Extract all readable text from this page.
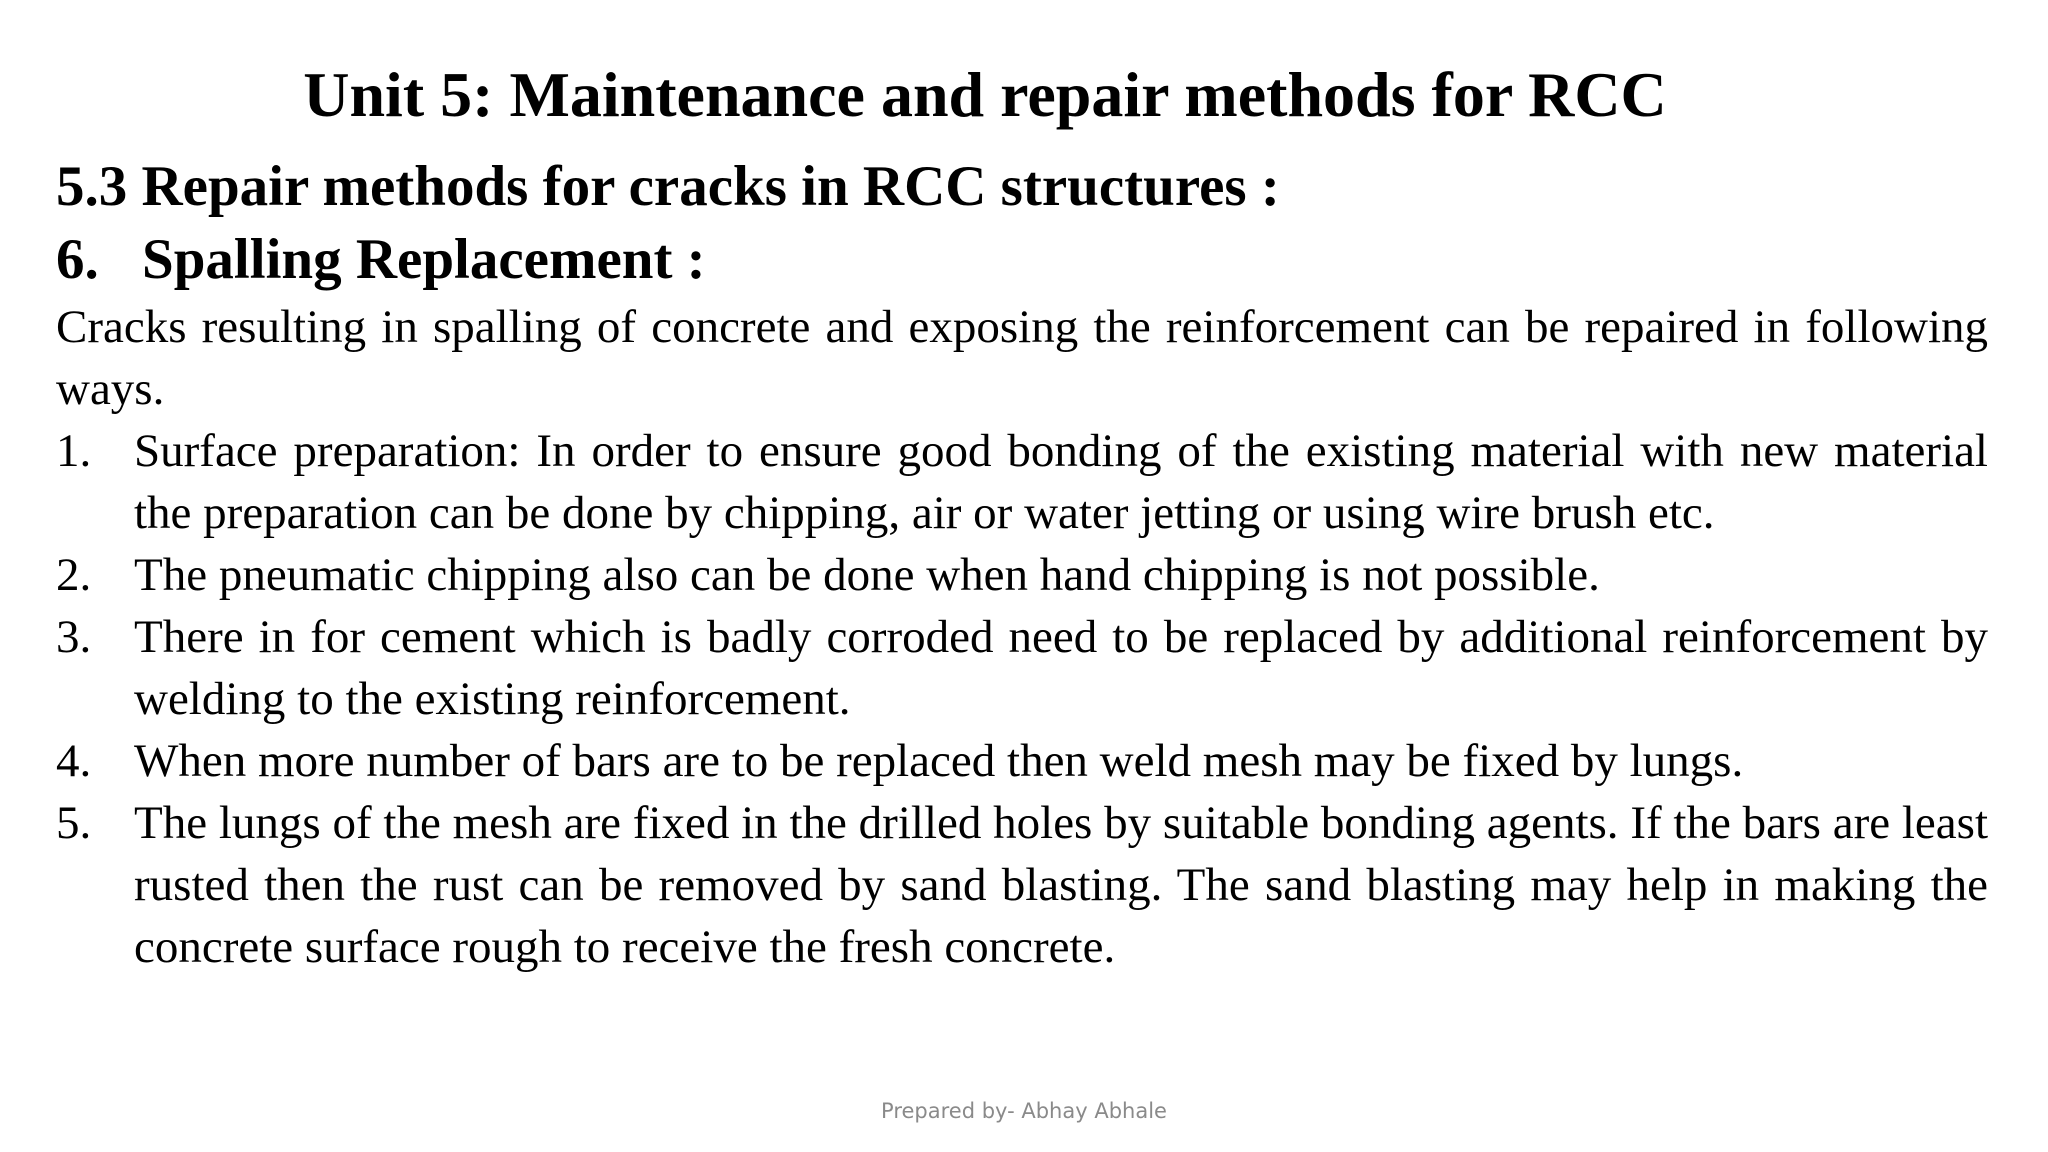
Unit 5: Maintenance and repair methods for RCC
5.3 Repair methods for cracks in RCC structures :
6. Spalling Replacement :

Cracks resulting in spalling of concrete and exposing the reinforcement can be repaired in following ways.

1. Surface preparation: In order to ensure good bonding of the existing material with new material the preparation can be done by chipping, air or water jetting or using wire brush etc.
2. The pneumatic chipping also can be done when hand chipping is not possible.
3. There in for cement which is badly corroded need to be replaced by additional reinforcement by welding to the existing reinforcement.
4. When more number of bars are to be replaced then weld mesh may be fixed by lungs.
5. The lungs of the mesh are fixed in the drilled holes by suitable bonding agents. If the bars are least rusted then the rust can be removed by sand blasting. The sand blasting may help in making the concrete surface rough to receive the fresh concrete.
Prepared by- Abhay Abhale
